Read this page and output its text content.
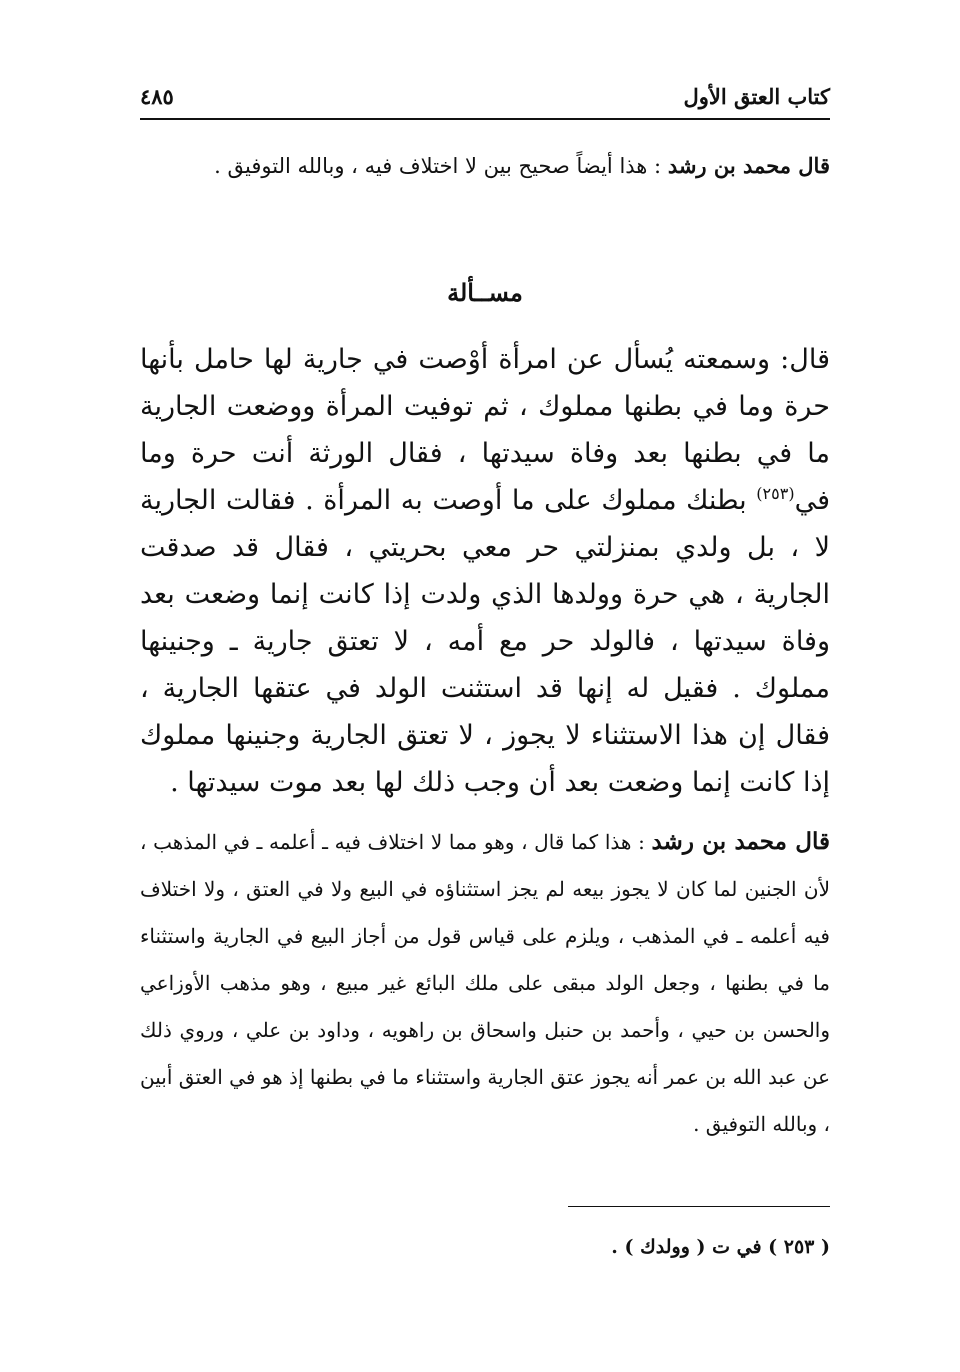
كتاب العتق الأول
٤٨٥

قال محمد بن رشد : هذا أيضاً صحيح بين لا اختلاف فيه ، وبالله التوفيق .

مســألة

قال: وسمعته يُسأل عن امرأة أوْصت في جارية لها حامل بأنها حرة وما في بطنها مملوك ، ثم توفيت المرأة ووضعت الجارية ما في بطنها بعد وفاة سيدتها ، فقال الورثة أنت حرة وما في$^{(٢٥٣)}$ بطنك مملوك على ما أوصت به المرأة . فقالت الجارية لا ، بل ولدي بمنزلتي حر معي بحريتي ، فقال قد صدقت الجارية ، هي حرة وولدها الذي ولدت إذا كانت إنما وضعت بعد وفاة سيدتها ، فالولد حر مع أمه ، لا تعتق جارية ـ وجنينها مملوك . فقيل له إنها قد استثنت الولد في عتقها الجارية ، فقال إن هذا الاستثناء لا يجوز ، لا تعتق الجارية وجنينها مملوك إذا كانت إنما وضعت بعد أن وجب ذلك لها بعد موت سيدتها .

قال محمد بن رشد : هذا كما قال ، وهو مما لا اختلاف فيه ـ أعلمه ـ في المذهب ، لأن الجنين لما كان لا يجوز بيعه لم يجز استثناؤه في البيع ولا في العتق ، ولا اختلاف فيه أعلمه ـ في المذهب ، ويلزم على قياس قول من أجاز البيع في الجارية واستثناء ما في بطنها ، وجعل الولد مبقى على ملك البائع غير مبيع ، وهو مذهب الأوزاعي والحسن بن حيي ، وأحمد بن حنبل واسحاق بن راهويه ، وداود بن علي ، وروي ذلك عن عبد الله بن عمر أنه يجوز عتق الجارية واستثناء ما في بطنها إذ هو في العتق أبين ، وبالله التوفيق .

( ٢٥٣ ) في ت ( وولدك ) .
